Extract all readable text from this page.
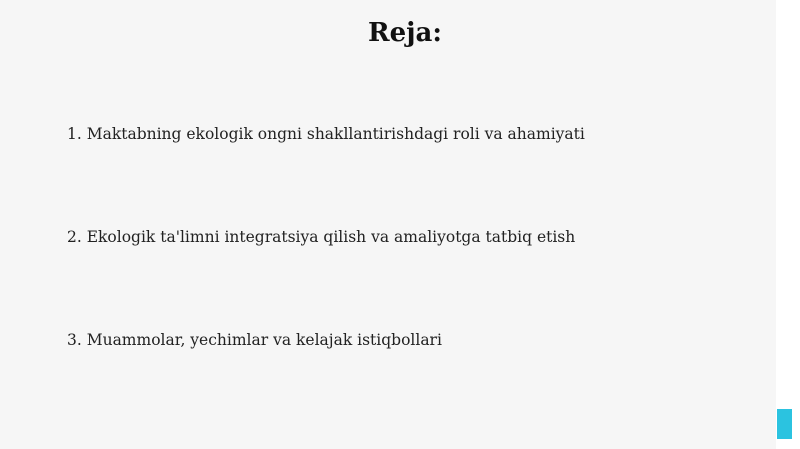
Reja:

1. Maktabning ekologik ongni shakllantirishdagi roli va ahamiyati

2. Ekologik ta'limni integratsiya qilish va amaliyotga tatbiq etish

3. Muammolar, yechimlar va kelajak istiqbollari
